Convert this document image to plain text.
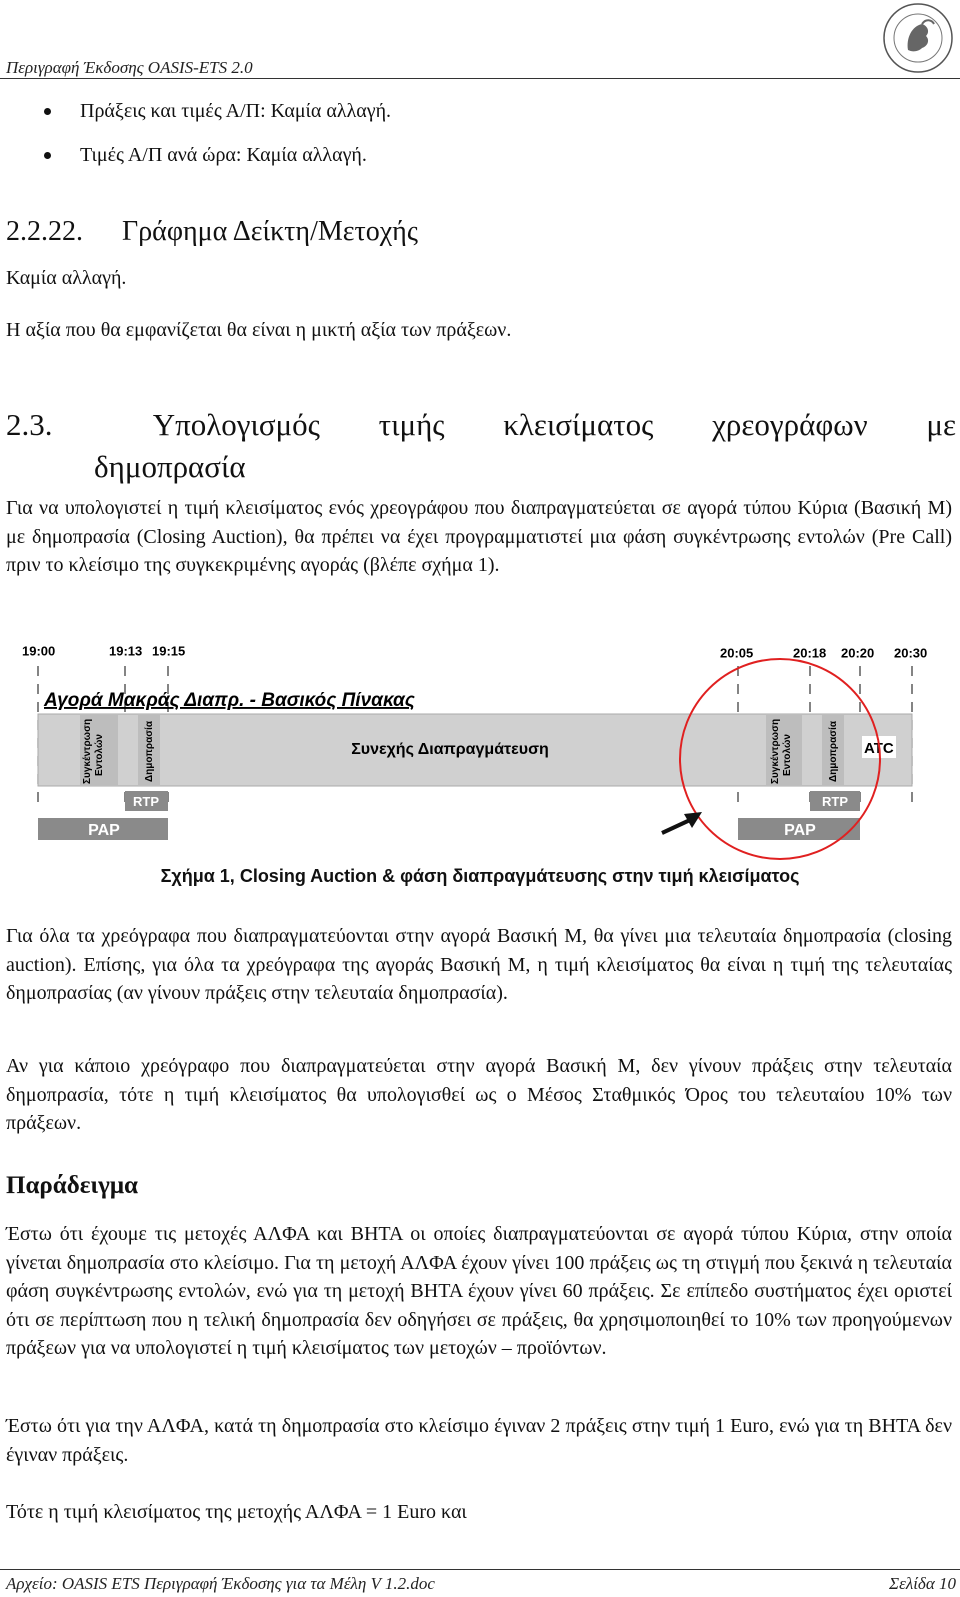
Περιγραφή Έκδοσης OASIS-ETS 2.0
Πράξεις και τιμές Α/Π: Καμία αλλαγή.
Τιμές Α/Π ανά ώρα: Καμία αλλαγή.
2.2.22. Γράφημα Δείκτη/Μετοχής
Καμία αλλαγή.
Η αξία που θα εμφανίζεται θα είναι η μικτή αξία των πράξεων.
2.3.	Υπολογισμός τιμής κλεισίματος χρεογράφων με
δημοπρασία
Για να υπολογιστεί η τιμή κλεισίματος ενός χρεογράφου που διαπραγματεύεται σε αγορά τύπου Κύρια (Βασική Μ) με δημοπρασία (Closing Auction), θα πρέπει να έχει προγραμματιστεί μια φάση συγκέντρωσης εντολών (Pre Call) πριν το κλείσιμο της συγκεκριμένης αγοράς (βλέπε σχήμα 1).
19:00	19:13 19:15	20:05	20:18 20:20 20:30
Αγορά Μακράς Διαπρ. - Βασικός Πίνακας
Συγκέντρωση Εντολών	Δημοπρασία	Συγκέντρωση Εντολών	Δημοπρασία
Συνεχής Διαπραγμάτευση	ATC
RTP	RTP
PAP	PAP
Σχήμα 1, Closing Auction & φάση διαπραγμάτευσης στην τιμή κλεισίματος
Για όλα τα χρεόγραφα που διαπραγματεύονται στην αγορά Βασική Μ, θα γίνει μια τελευταία δημοπρασία (closing auction). Επίσης, για όλα τα χρεόγραφα της αγοράς Βασική Μ, η τιμή κλεισίματος θα είναι η τιμή της τελευταίας δημοπρασίας (αν γίνουν πράξεις στην τελευταία δημοπρασία).
Αν για κάποιο χρεόγραφο που διαπραγματεύεται στην αγορά Βασική Μ, δεν γίνουν πράξεις στην τελευταία δημοπρασία, τότε η τιμή κλεισίματος θα υπολογισθεί ως ο Μέσος Σταθμικός Όρος του τελευταίου 10% των πράξεων.
Παράδειγμα
Έστω ότι έχουμε τις μετοχές ΑΛΦΑ και ΒΗΤΑ οι οποίες διαπραγματεύονται σε αγορά τύπου Κύρια, στην οποία γίνεται δημοπρασία στο κλείσιμο. Για τη μετοχή ΑΛΦΑ έχουν γίνει 100 πράξεις ως τη στιγμή που ξεκινά η τελευταία φάση συγκέντρωσης εντολών, ενώ για τη μετοχή ΒΗΤΑ έχουν γίνει 60 πράξεις. Σε επίπεδο συστήματος έχει οριστεί ότι σε περίπτωση που η τελική δημοπρασία δεν οδηγήσει σε πράξεις, θα χρησιμοποιηθεί το 10% των προηγούμενων πράξεων για να υπολογιστεί η τιμή κλεισίματος των μετοχών – προϊόντων.
Έστω ότι για την ΑΛΦΑ, κατά τη δημοπρασία στο κλείσιμο έγιναν 2 πράξεις στην τιμή 1 Euro, ενώ για τη ΒΗΤΑ δεν έγιναν πράξεις.
Τότε η τιμή κλεισίματος της μετοχής ΑΛΦΑ = 1 Euro και
Αρχείο: OASIS ETS Περιγραφή Έκδοσης για τα Μέλη V 1.2.doc	Σελίδα 10
